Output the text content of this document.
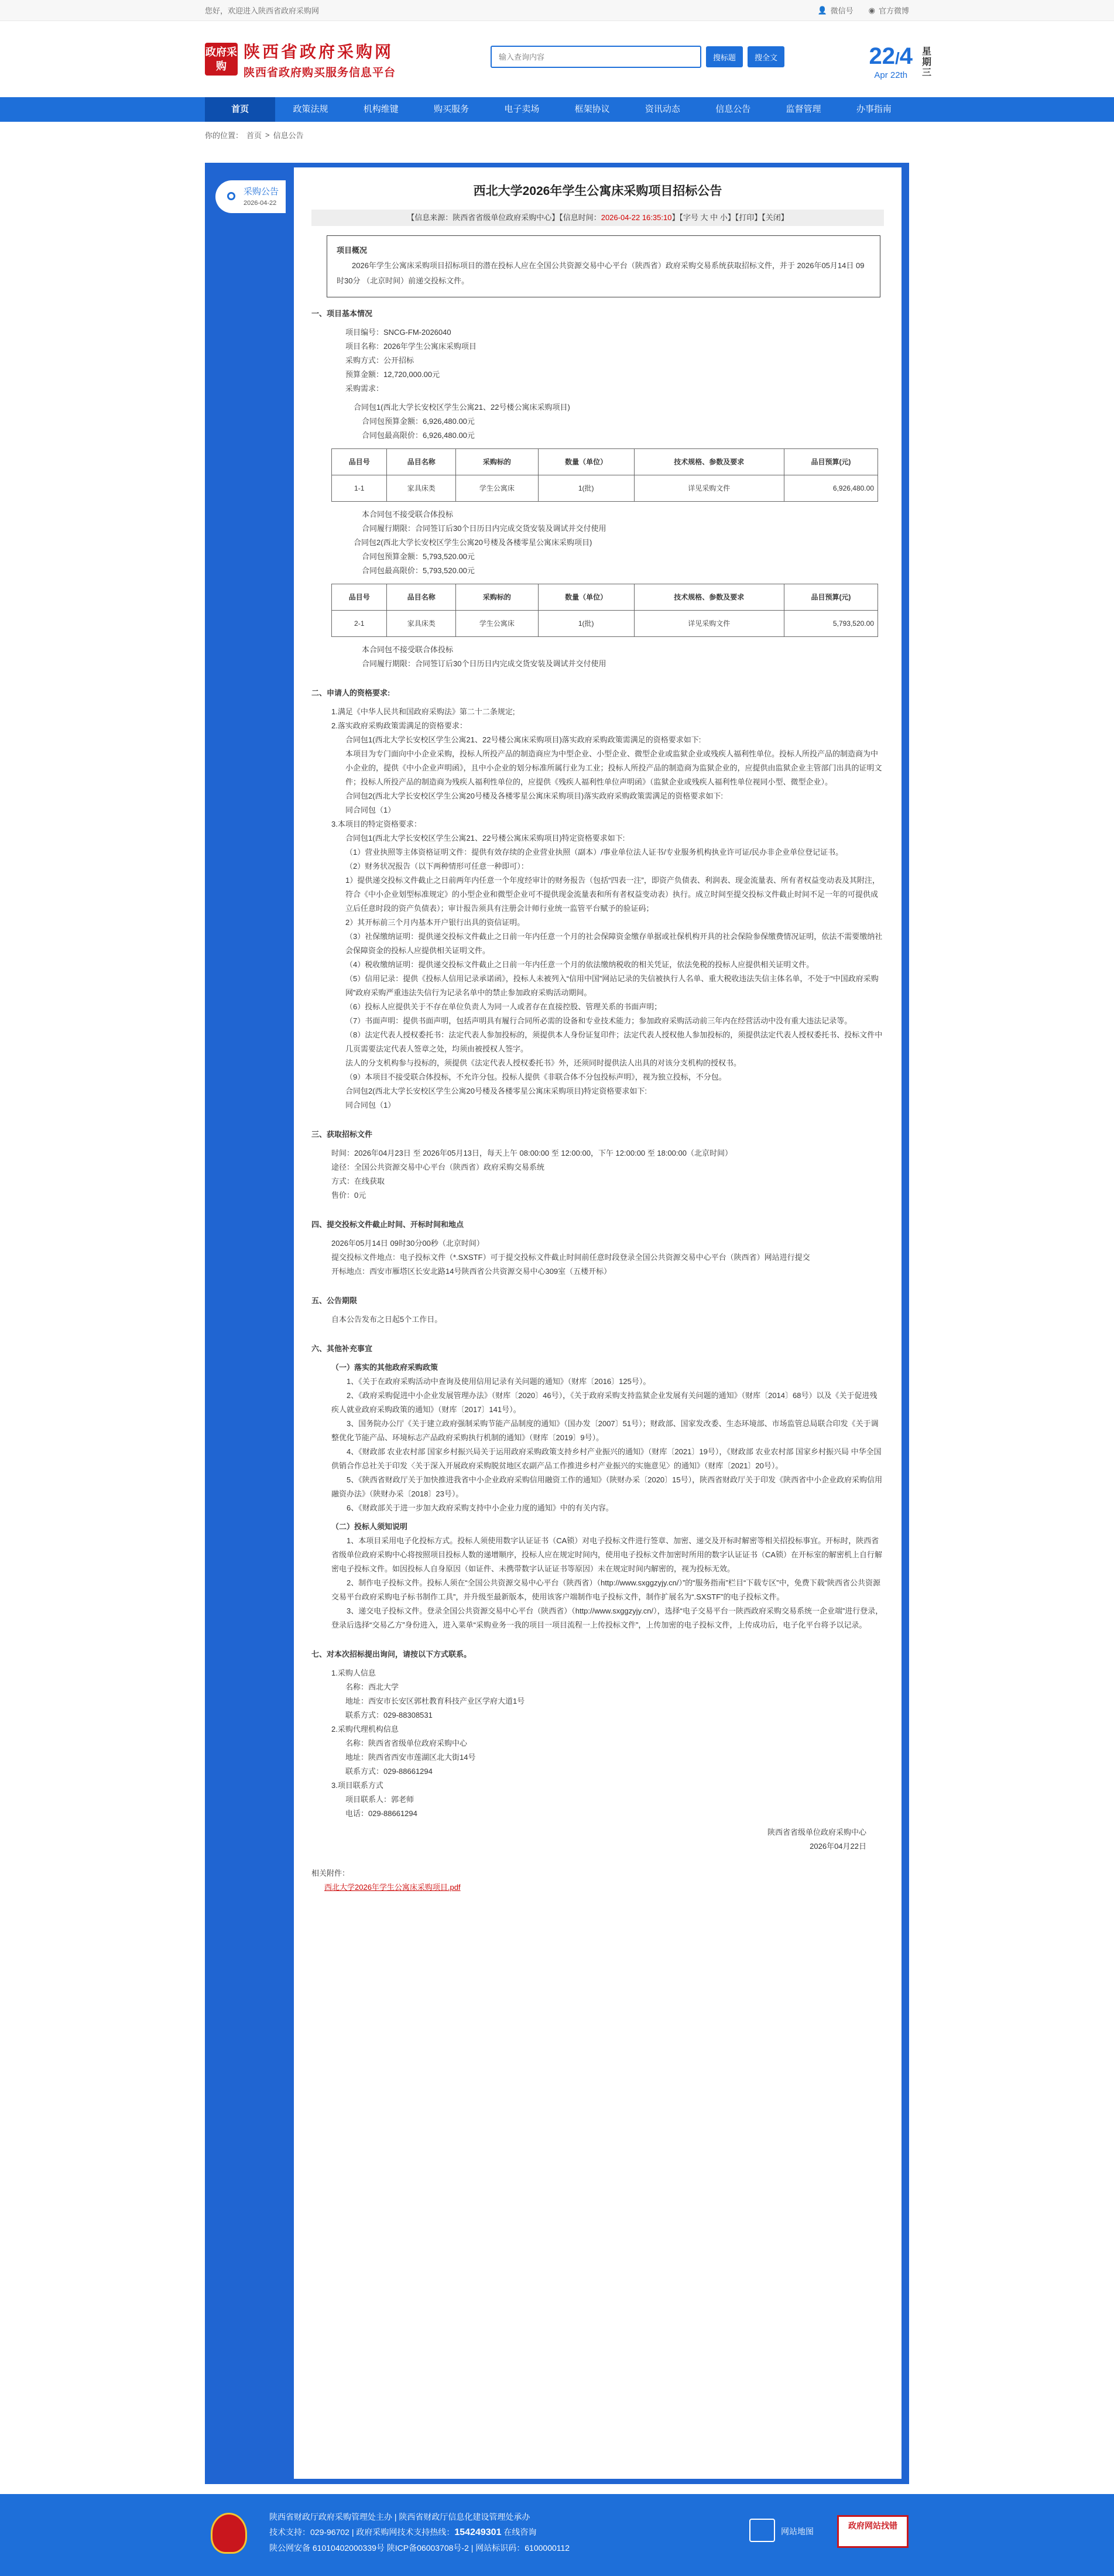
您好，欢迎进入陕西省政府采购网	👤 微信号 ◉ 官方微博
政府采购
陕西省政府采购网
陕西省政府购买服务信息平台
输入查询内容
搜标题	搜全文	22/4
Apr 22th
星期三
首页	政策法规	机构维键	购买服务	电子卖场	框架协议	资讯动态	信息公告	监督管理	办事指南
你的位置： 首页 > 信息公告
采购公告
2026-04-22
西北大学2026年学生公寓床采购项目招标公告
【信息来源：陕西省省级单位政府采购中心】【信息时间：2026-04-22 16:35:10】【字号 大 中 小】【打印】【关闭】
项目概况
2026年学生公寓床采购项目招标项目的潜在投标人应在全国公共资源交易中心平台（陕西省）政府采购交易系统获取招标文件，并于 2026年05月14日 09时30分 （北京时间）前递交投标文件。
一、项目基本情况
项目编号：SNCG-FM-2026040
项目名称：2026年学生公寓床采购项目
采购方式：公开招标
预算金额：12,720,000.00元
采购需求：
合同包1(西北大学长安校区学生公寓21、22号楼公寓床采购项目)
合同包预算金额：6,926,480.00元
合同包最高限价：6,926,480.00元
品目号	品目名称	采购标的	数量（单位）	技术规格、参数及要求	品目预算(元)
1-1	家具床类	学生公寓床	1(批)	详见采购文件	6,926,480.00
本合同包不接受联合体投标
合同履行期限：合同签订后30个日历日内完成交货安装及调试并交付使用
合同包2(西北大学长安校区学生公寓20号楼及各楼零星公寓床采购项目)
合同包预算金额：5,793,520.00元
合同包最高限价：5,793,520.00元
品目号	品目名称	采购标的	数量（单位）	技术规格、参数及要求	品目预算(元)
2-1	家具床类	学生公寓床	1(批)	详见采购文件	5,793,520.00
本合同包不接受联合体投标
合同履行期限：合同签订后30个日历日内完成交货安装及调试并交付使用
二、申请人的资格要求:
1.满足《中华人民共和国政府采购法》第二十二条规定;
2.落实政府采购政策需满足的资格要求：
合同包1(西北大学长安校区学生公寓21、22号楼公寓床采购项目)落实政府采购政策需满足的资格要求如下:
本项目为专门面向中小企业采购，投标人所投产品的制造商应为中型企业、小型企业、微型企业或监狱企业或残疾人福利性单位。投标人所投产品的制造商为中小企业的，提供《中小企业声明函》，且中小企业的划分标准所属行业为工业；投标人所投产品的制造商为监狱企业的，应提供由监狱企业主管部门出具的证明文件；投标人所投产品的制造商为残疾人福利性单位的，应提供《残疾人福利性单位声明函》（监狱企业或残疾人福利性单位视同小型、微型企业）。
合同包2(西北大学长安校区学生公寓20号楼及各楼零星公寓床采购项目)落实政府采购政策需满足的资格要求如下:
同合同包（1）
3.本项目的特定资格要求：
合同包1(西北大学长安校区学生公寓21、22号楼公寓床采购项目)特定资格要求如下:
（1）营业执照等主体资格证明文件：提供有效存续的企业营业执照（副本）/事业单位法人证书/专业服务机构执业许可证/民办非企业单位登记证书。
（2）财务状况报告（以下两种情形可任意一种即可）：
1）提供递交投标文件截止之日前两年内任意一个年度经审计的财务报告（包括“四表一注”，即资产负债表、利润表、现金流量表、所有者权益变动表及其附注，符合《中小企业划型标准规定》的小型企业和微型企业可不提供现金流量表和所有者权益变动表）执行。成立时间至提交投标文件截止时间不足一年的可提供成立后任意时段的资产负债表）；审计报告须具有注册会计师行业统一监管平台赋予的验证码；
2）其开标前三个月内基本开户银行出具的资信证明。
（3）社保缴纳证明：提供递交投标文件截止之日前一年内任意一个月的社会保障资金缴存单据或社保机构开具的社会保险参保缴费情况证明，依法不需要缴纳社会保障资金的投标人应提供相关证明文件。
（4）税收缴纳证明：提供递交投标文件截止之日前一年内任意一个月的依法缴纳税收的相关凭证，依法免税的投标人应提供相关证明文件。
（5）信用记录：提供《投标人信用记录承诺函》，投标人未被列入“信用中国”网站记录的失信被执行人名单、重大税收违法失信主体名单，不处于“中国政府采购网”政府采购严重违法失信行为记录名单中的禁止参加政府采购活动期间。
（6）投标人应提供关于不存在单位负责人为同一人或者存在直接控股、管理关系的书面声明；
（7）书面声明：提供书面声明，包括声明具有履行合同所必需的设备和专业技术能力；参加政府采购活动前三年内在经营活动中没有重大违法记录等。
（8）法定代表人授权委托书：法定代表人参加投标的，须提供本人身份证复印件；法定代表人授权他人参加投标的，须提供法定代表人授权委托书、投标文件中几页需要法定代表人签章之处，均须由被授权人签字。
法人的分支机构参与投标的，须提供《法定代表人授权委托书》外，还须同时提供法人出具的对该分支机构的授权书。
（9）本项目不接受联合体投标，不允许分包。投标人提供《非联合体不分包投标声明》，视为独立投标，不分包。
合同包2(西北大学长安校区学生公寓20号楼及各楼零星公寓床采购项目)特定资格要求如下:
同合同包（1）
三、获取招标文件
时间：2026年04月23日 至 2026年05月13日，每天上午 08:00:00 至 12:00:00，下午 12:00:00 至 18:00:00（北京时间）
途径：全国公共资源交易中心平台（陕西省）政府采购交易系统
方式：在线获取
售价：0元
四、提交投标文件截止时间、开标时间和地点
2026年05月14日 09时30分00秒（北京时间）
提交投标文件地点：电子投标文件（*.SXSTF）可于提交投标文件截止时间前任意时段登录全国公共资源交易中心平台（陕西省）网站进行提交
开标地点：西安市雁塔区长安北路14号陕西省公共资源交易中心309室（五楼开标）
五、公告期限
自本公告发布之日起5个工作日。
六、其他补充事宜
（一）落实的其他政府采购政策
1、《关于在政府采购活动中查询及使用信用记录有关问题的通知》（财库〔2016〕125号）。
2、《政府采购促进中小企业发展管理办法》（财库〔2020〕46号），《关于政府采购支持监狱企业发展有关问题的通知》（财库〔2014〕68号）以及《关于促进残疾人就业政府采购政策的通知》（财库〔2017〕141号）。
3、国务院办公厅《关于建立政府强制采购节能产品制度的通知》（国办发〔2007〕51号）；财政部、国家发改委、生态环境部、市场监管总局联合印发《关于调整优化节能产品、环境标志产品政府采购执行机制的通知》（财库〔2019〕9号）。
4、《财政部 农业农村部 国家乡村振兴局关于运用政府采购政策支持乡村产业振兴的通知》（财库〔2021〕19号），《财政部 农业农村部 国家乡村振兴局 中华全国供销合作总社关于印发〈关于深入开展政府采购脱贫地区农副产品工作推进乡村产业振兴的实施意见〉的通知》（财库〔2021〕20号）。
5、《陕西省财政厅关于加快推进我省中小企业政府采购信用融资工作的通知》（陕财办采〔2020〕15号），陕西省财政厅关于印发《陕西省中小企业政府采购信用融资办法》（陕财办采〔2018〕23号）。
6、《财政部关于进一步加大政府采购支持中小企业力度的通知》中的有关内容。
（二）投标人须知说明
1、本项目采用电子化投标方式。投标人须使用数字认证证书（CA锁）对电子投标文件进行签章、加密、递交及开标时解密等相关招投标事宜。开标时，陕西省省级单位政府采购中心将按照项目投标人数的递增顺序，投标人应在规定时间内，使用电子投标文件加密时所用的数字认证证书（CA锁）在开标室的解密机上自行解密电子投标文件。如因投标人自身原因（如证件、未携带数字认证证书等原因）未在规定时间内解密的，视为投标无效。
2、制作电子投标文件。投标人须在“全国公共资源交易中心平台（陕西省）（http://www.sxggzyjy.cn/）”的“服务指南”栏目“下载专区”中，免费下载“陕西省公共资源交易平台政府采购电子标书制作工具”，并升级至最新版本，使用该客户端制作电子投标文件，制作扩展名为“.SXSTF”的电子投标文件。
3、递交电子投标文件。登录全国公共资源交易中心平台（陕西省）（http://www.sxggzyjy.cn/），选择“电子交易平台一陕西政府采购交易系统一企业端”进行登录，登录后选择“交易乙方”身份进入，进入菜单“采购业务一我的项目一项目流程一上传投标文件”，上传加密的电子投标文件，上传成功后，电子化平台将予以记录。
七、对本次招标提出询问，请按以下方式联系。
1.采购人信息
名称：西北大学
地址：西安市长安区郭杜教育科技产业区学府大道1号
联系方式：029-88308531
2.采购代理机构信息
名称：陕西省省级单位政府采购中心
地址：陕西省西安市莲湖区北大街14号
联系方式：029-88661294
3.项目联系方式
项目联系人：郭老师
电话：029-88661294
陕西省省级单位政府采购中心
2026年04月22日
相关附件：
西北大学2026年学生公寓床采购项目.pdf
陕西省财政厅政府采购管理处主办 | 陕西省财政厅信息化建设管理处承办
技术支持：029-96702 | 政府采购网技术支持热线：154249301 在线咨询
陕公网安备 61010402000339号 陕ICP备06003708号-2 | 网站标识码：6100000112
网站地图
政府网站找错
